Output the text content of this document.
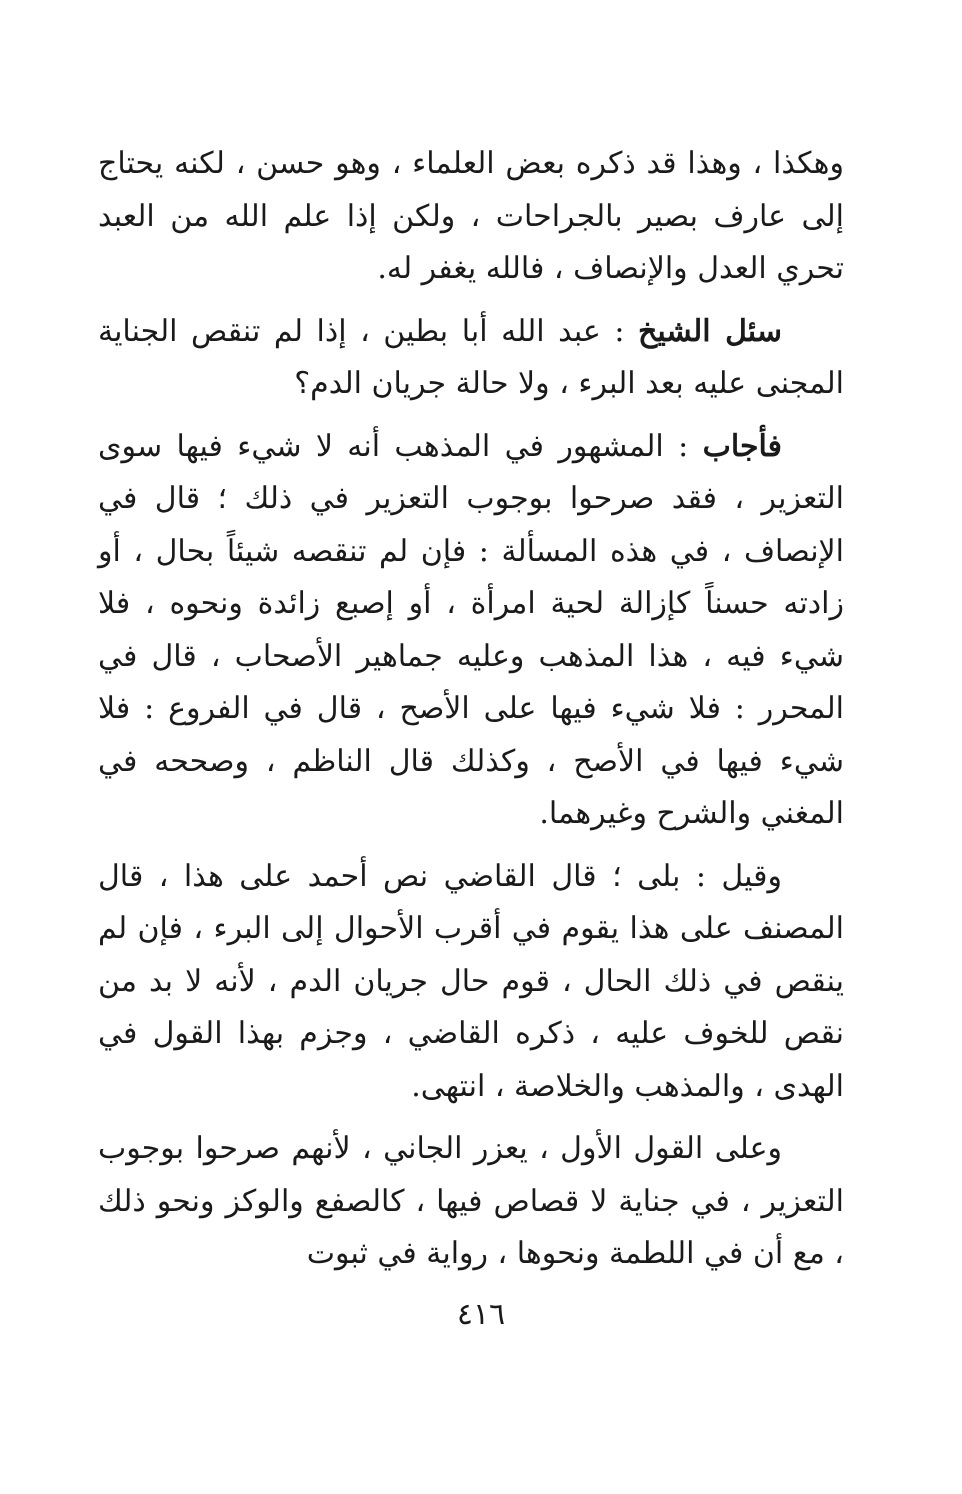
وهكذا ، وهذا قد ذكره بعض العلماء ، وهو حسن ، لكنه يحتاج إلى عارف بصير بالجراحات ، ولكن إذا علم الله من العبد تحري العدل والإنصاف ، فالله يغفر له.

سئل الشيخ : عبد الله أبا بطين ، إذا لم تنقص الجناية المجنى عليه بعد البرء ، ولا حالة جريان الدم؟

فأجاب : المشهور في المذهب أنه لا شيء فيها سوى التعزير ، فقد صرحوا بوجوب التعزير في ذلك ؛ قال في الإنصاف ، في هذه المسألة : فإن لم تنقصه شيئاً بحال ، أو زادته حسناً كإزالة لحية امرأة ، أو إصبع زائدة ونحوه ، فلا شيء فيه ، هذا المذهب وعليه جماهير الأصحاب ، قال في المحرر : فلا شيء فيها على الأصح ، قال في الفروع : فلا شيء فيها في الأصح ، وكذلك قال الناظم ، وصححه في المغني والشرح وغيرهما.

وقيل : بلى ؛ قال القاضي نص أحمد على هذا ، قال المصنف على هذا يقوم في أقرب الأحوال إلى البرء ، فإن لم ينقص في ذلك الحال ، قوم حال جريان الدم ، لأنه لا بد من نقص للخوف عليه ، ذكره القاضي ، وجزم بهذا القول في الهدى ، والمذهب والخلاصة ، انتهى.

وعلى القول الأول ، يعزر الجاني ، لأنهم صرحوا بوجوب التعزير ، في جناية لا قصاص فيها ، كالصفع والوكز ونحو ذلك ، مع أن في اللطمة ونحوها ، رواية في ثبوت

٤١٦
